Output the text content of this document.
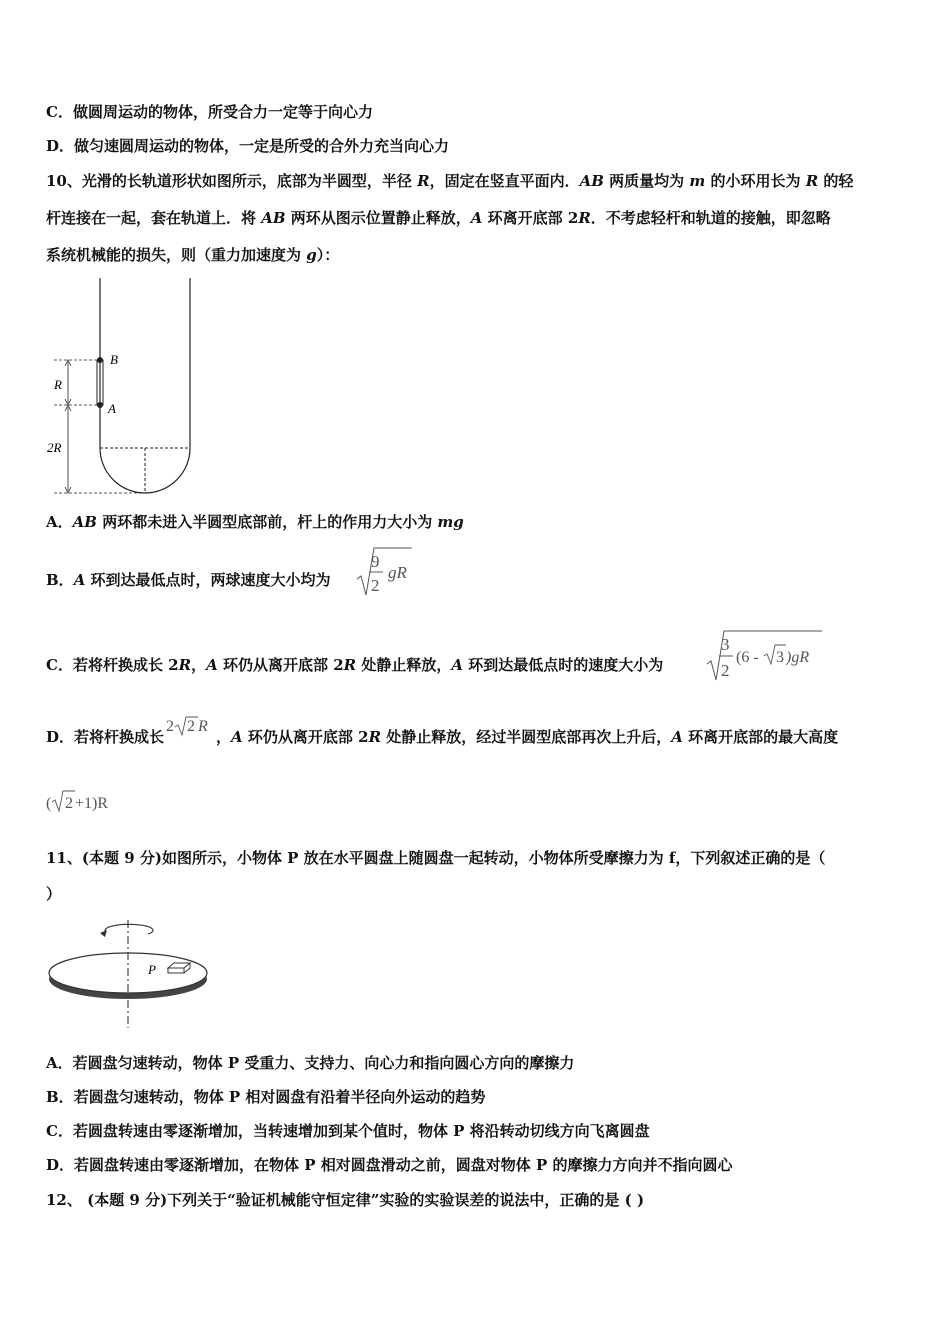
C．做圆周运动的物体，所受合力一定等于向心力
D．做匀速圆周运动的物体，一定是所受的合外力充当向心力
10、光滑的长轨道形状如图所示，底部为半圆型，半径 R，固定在竖直平面内．AB 两质量均为 m 的小环用长为 R 的轻
杆连接在一起，套在轨道上．将 AB 两环从图示位置静止释放，A 环离开底部 2R．不考虑轻杆和轨道的接触，即忽略
系统机械能的损失，则（重力加速度为 g）：
B
A
R
2R
A．AB 两环都未进入半圆型底部前，杆上的作用力大小为 mg
B．A 环到达最低点时，两球速度大小均为
9
2
gR
C．若将杆换成长 2R，A 环仍从离开底部 2R 处静止释放，A 环到达最低点时的速度大小为
3
2
(6 - 3 )gR
D．若将杆换成长
2 2 R
，A 环仍从离开底部 2R 处静止释放，经过半圆型底部再次上升后，A 环离开底部的最大高度
( 2 +1)R
11、(本题 9 分)如图所示，小物体 P 放在水平圆盘上随圆盘一起转动，小物体所受摩擦力为 f，下列叙述正确的是（
）
P
A．若圆盘匀速转动，物体 P 受重力、支持力、向心力和指向圆心方向的摩擦力
B．若圆盘匀速转动，物体 P 相对圆盘有沿着半径向外运动的趋势
C．若圆盘转速由零逐渐增加，当转速增加到某个值时，物体 P 将沿转动切线方向飞离圆盘
D．若圆盘转速由零逐渐增加，在物体 P 相对圆盘滑动之前，圆盘对物体 P 的摩擦力方向并不指向圆心
12、 (本题 9 分)下列关于“验证机械能守恒定律”实验的实验误差的说法中，正确的是 ( )
